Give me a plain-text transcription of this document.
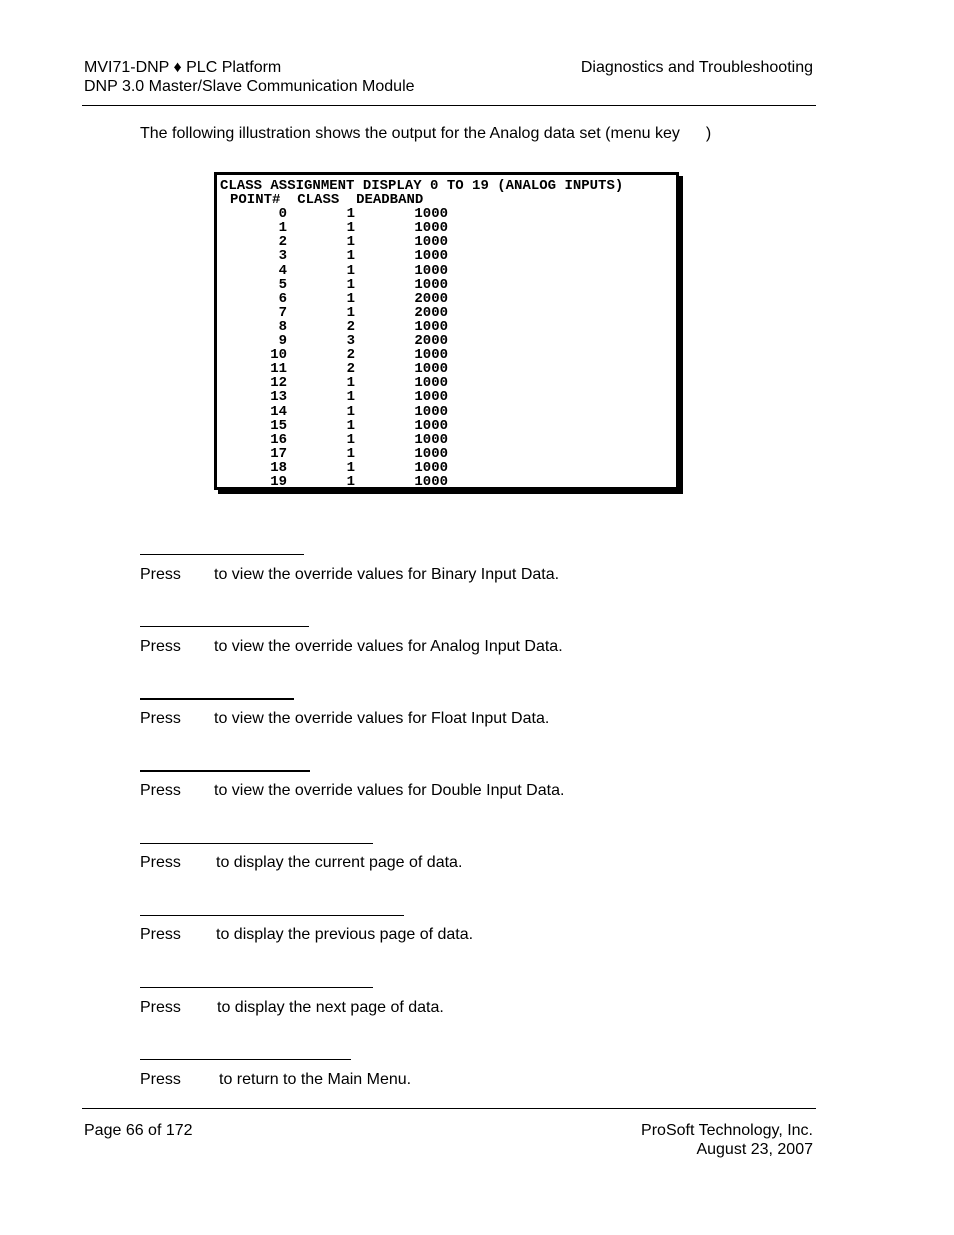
MVI71-DNP ♦ PLC Platform
DNP 3.0 Master/Slave Communication Module
Diagnostics and Troubleshooting
The following illustration shows the output for the Analog data set (menu key )
CLASS ASSIGNMENT DISPLAY 0 TO 19 (ANALOG INPUTS)
POINT# CLASS DEADBAND
0	1	1000
1	1	1000
2	1	1000
3	1	1000
4	1	1000
5	1	1000
6	1	2000
7	1	2000
8	2	1000
9	3	2000
10	2	1000
11	2	1000
12	1	1000
13	1	1000
14	1	1000
15	1	1000
16	1	1000
17	1	1000
18	1	1000
19	1	1000
Press to view the override values for Binary Input Data.
Press to view the override values for Analog Input Data.
Press to view the override values for Float Input Data.
Press to view the override values for Double Input Data.
Press to display the current page of data.
Press to display the previous page of data.
Press to display the next page of data.
Press to return to the Main Menu.
Page 66 of 172	ProSoft Technology, Inc.
August 23, 2007
